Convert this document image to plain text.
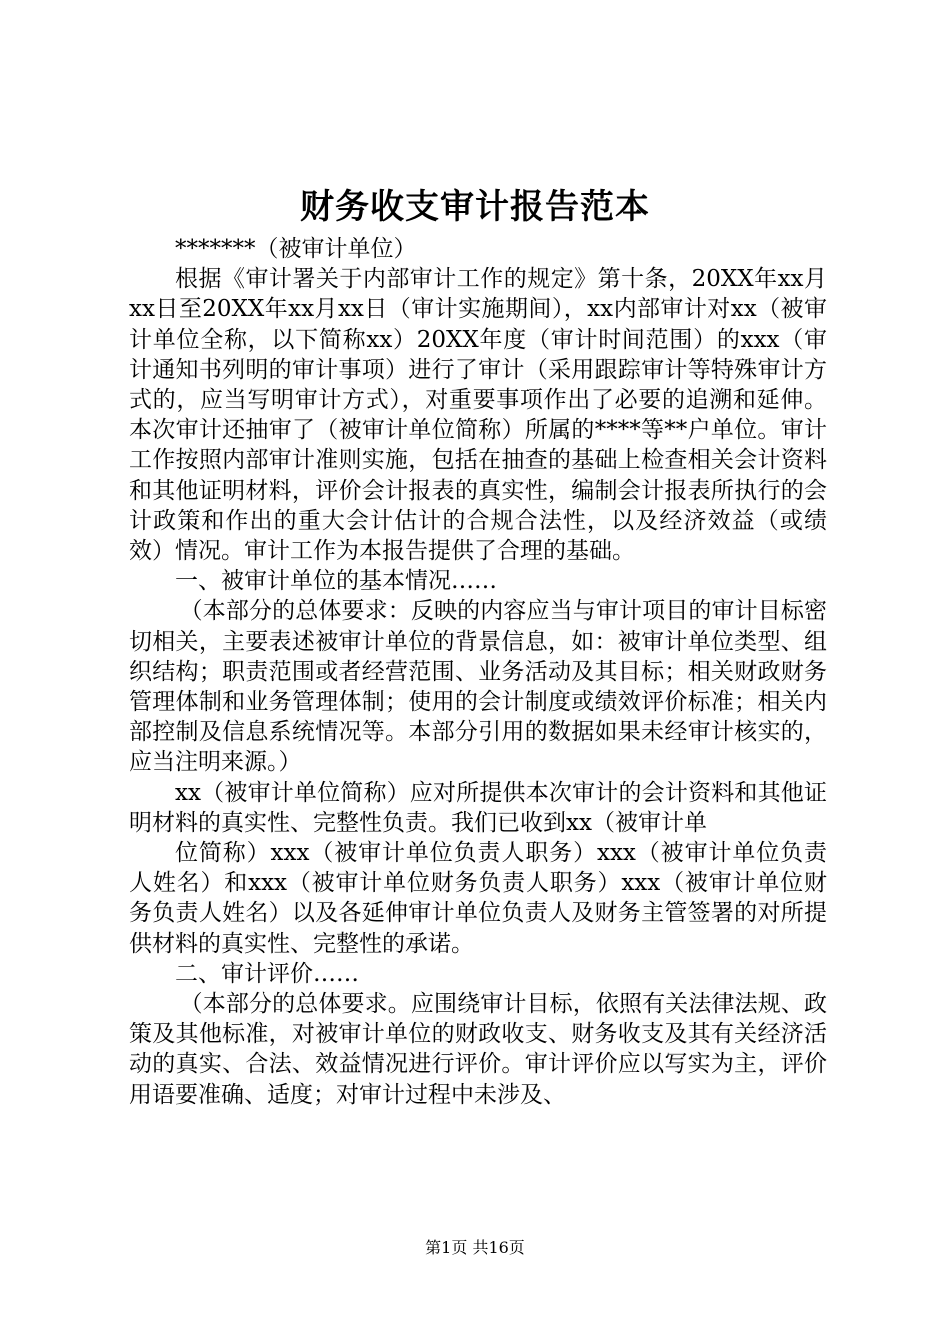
财务收支审计报告范本

*******（被审计单位）

根据《审计署关于内部审计工作的规定》第十条，20XX年xx月xx日至20XX年xx月xx日（审计实施期间），xx内部审计对xx（被审计单位全称，以下简称xx）20XX年度（审计时间范围）的xxx（审计通知书列明的审计事项）进行了审计（采用跟踪审计等特殊审计方式的，应当写明审计方式），对重要事项作出了必要的追溯和延伸。本次审计还抽审了（被审计单位简称）所属的****等**户单位。审计工作按照内部审计准则实施，包括在抽查的基础上检查相关会计资料和其他证明材料，评价会计报表的真实性，编制会计报表所执行的会计政策和作出的重大会计估计的合规合法性，以及经济效益（或绩效）情况。审计工作为本报告提供了合理的基础。

一、被审计单位的基本情况……

（本部分的总体要求：反映的内容应当与审计项目的审计目标密切相关，主要表述被审计单位的背景信息，如：被审计单位类型、组织结构；职责范围或者经营范围、业务活动及其目标；相关财政财务管理体制和业务管理体制；使用的会计制度或绩效评价标准；相关内部控制及信息系统情况等。本部分引用的数据如果未经审计核实的，应当注明来源。）

xx（被审计单位简称）应对所提供本次审计的会计资料和其他证明材料的真实性、完整性负责。我们已收到xx（被审计单

位简称）xxx（被审计单位负责人职务）xxx（被审计单位负责人姓名）和xxx（被审计单位财务负责人职务）xxx（被审计单位财务负责人姓名）以及各延伸审计单位负责人及财务主管签署的对所提供材料的真实性、完整性的承诺。

二、审计评价……

（本部分的总体要求。应围绕审计目标，依照有关法律法规、政策及其他标准，对被审计单位的财政收支、财务收支及其有关经济活动的真实、合法、效益情况进行评价。审计评价应以写实为主，评价用语要准确、适度；对审计过程中未涉及、

第1页 共16页
